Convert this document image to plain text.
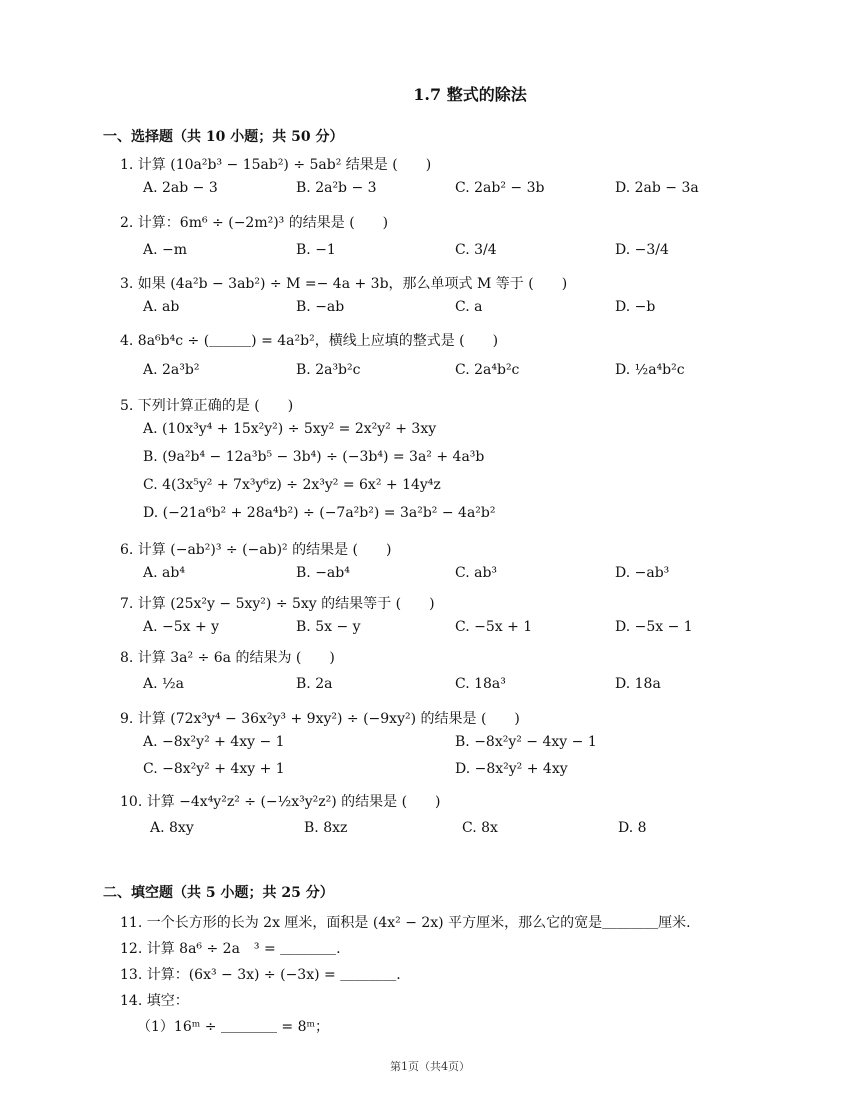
1.7 整式的除法
一、选择题（共 10 小题；共 50 分）
1. 计算 (10a²b³ − 15ab²) ÷ 5ab² 结果是 (　　)
A. 2ab − 3	B. 2a²b − 3	C. 2ab² − 3b	D. 2ab − 3a
2. 计算：6m⁶ ÷ (−2m²)³ 的结果是 (　　)
A. −m	B. −1	C. 3/4	D. −3/4
3. 如果 (4a²b − 3ab²) ÷ M =− 4a + 3b，那么单项式 M 等于 (　　)
A. ab	B. −ab	C. a	D. −b
4. 8a⁶b⁴c ÷ (＿＿＿) = 4a²b²，横线上应填的整式是 (　　)
A. 2a³b²	B. 2a³b²c	C. 2a⁴b²c	D. ½a⁴b²c
5. 下列计算正确的是 (　　)
A. (10x³y⁴ + 15x²y²) ÷ 5xy² = 2x²y² + 3xy
B. (9a²b⁴ − 12a³b⁵ − 3b⁴) ÷ (−3b⁴) = 3a² + 4a³b
C. 4(3x⁵y² + 7x³y⁶z) ÷ 2x³y² = 6x² + 14y⁴z
D. (−21a⁶b² + 28a⁴b²) ÷ (−7a²b²) = 3a²b² − 4a²b²
6. 计算 (−ab²)³ ÷ (−ab)² 的结果是 (　　)
A. ab⁴	B. −ab⁴	C. ab³	D. −ab³
7. 计算 (25x²y − 5xy²) ÷ 5xy 的结果等于 (　　)
A. −5x + y	B. 5x − y	C. −5x + 1	D. −5x − 1
8. 计算 3a² ÷ 6a 的结果为 (　　)
A. ½a	B. 2a	C. 18a³	D. 18a
9. 计算 (72x³y⁴ − 36x²y³ + 9xy²) ÷ (−9xy²) 的结果是 (　　)
A. −8x²y² + 4xy − 1	B. −8x²y² − 4xy − 1
C. −8x²y² + 4xy + 1	D. −8x²y² + 4xy
10. 计算 −4x⁴y²z² ÷ (−½x³y²z²) 的结果是 (　　)
A. 8xy	B. 8xz	C. 8x	D. 8
二、填空题（共 5 小题；共 25 分）
11. 一个长方形的长为 2x 厘米，面积是 (4x² − 2x) 平方厘米，那么它的宽是＿＿＿＿厘米.
12. 计算 8a⁶ ÷ 2a　³ = ＿＿＿＿.
13. 计算：(6x³ − 3x) ÷ (−3x) = ＿＿＿＿.
14. 填空：
（1）16ᵐ ÷ ＿＿＿＿ = 8ᵐ；
第1页（共4页）
